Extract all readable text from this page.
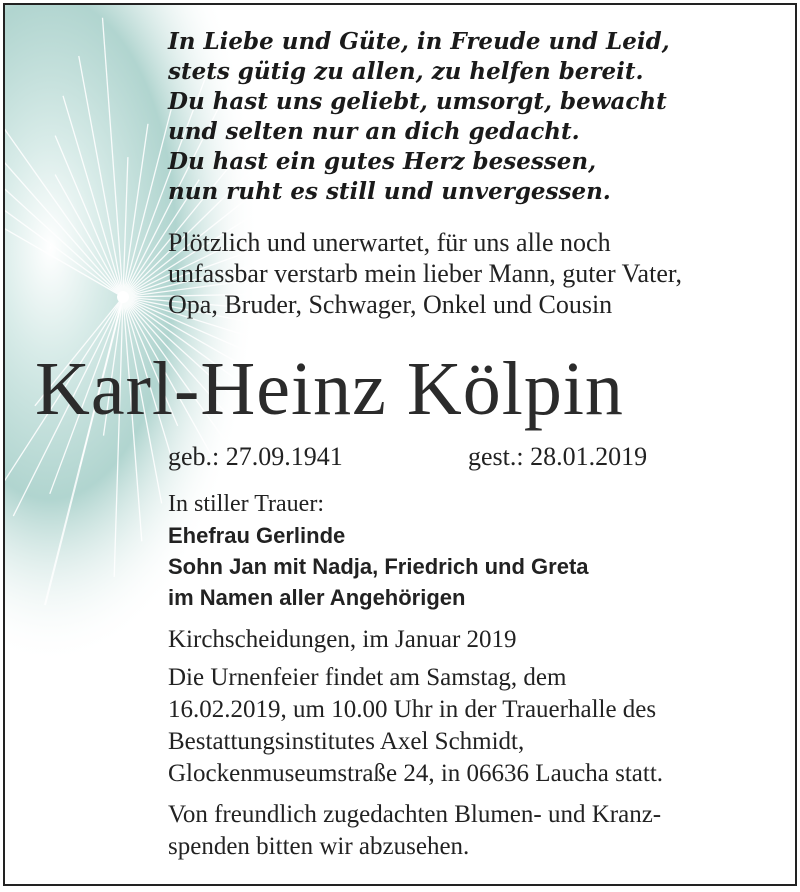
In Liebe und Güte, in Freude und Leid,
stets gütig zu allen, zu helfen bereit.
Du hast uns geliebt, umsorgt, bewacht
und selten nur an dich gedacht.
Du hast ein gutes Herz besessen,
nun ruht es still und unvergessen.
Plötzlich und unerwartet, für uns alle noch
unfassbar verstarb mein lieber Mann, guter Vater,
Opa, Bruder, Schwager, Onkel und Cousin
Karl-Heinz Kölpin
geb.: 27.09.1941	gest.: 28.01.2019
In stiller Trauer:
Ehefrau Gerlinde
Sohn Jan mit Nadja, Friedrich und Greta
im Namen aller Angehörigen
Kirchscheidungen, im Januar 2019
Die Urnenfeier findet am Samstag, dem
16.02.2019, um 10.00 Uhr in der Trauerhalle des
Bestattungsinstitutes Axel Schmidt,
Glockenmuseumstraße 24, in 06636 Laucha statt.
Von freundlich zugedachten Blumen- und Kranz-
spenden bitten wir abzusehen.
